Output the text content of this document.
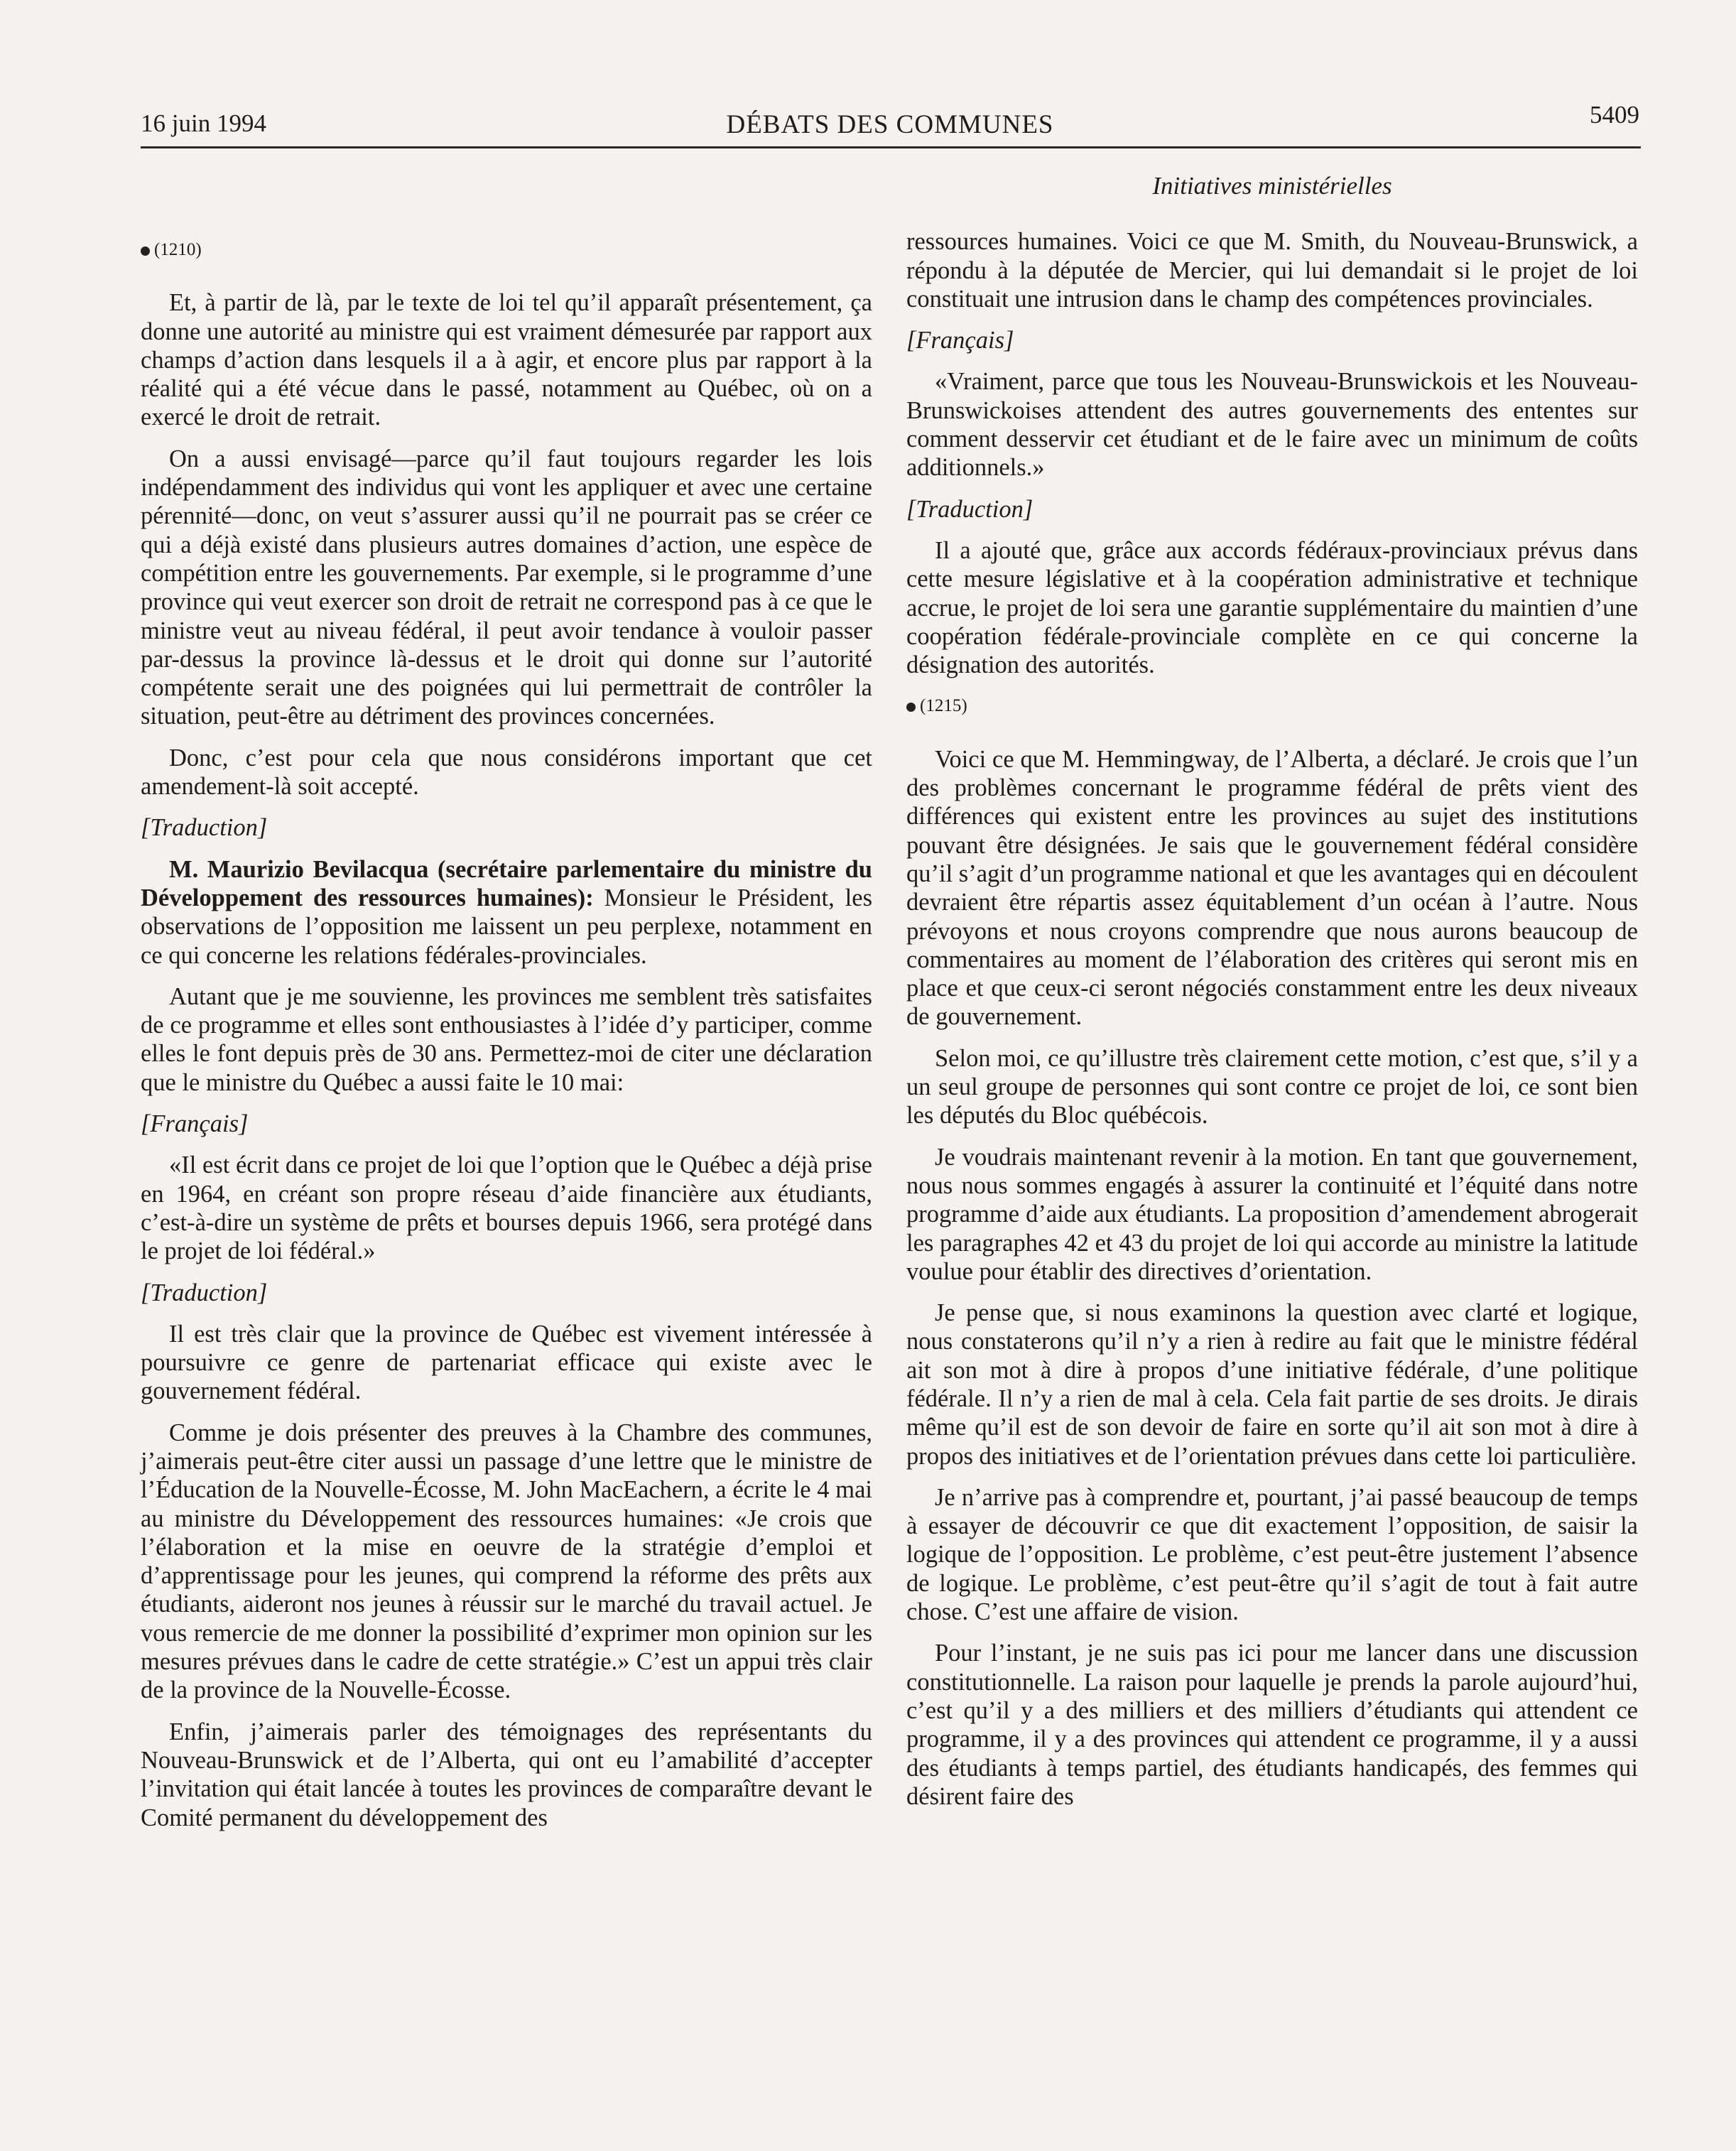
16 juin 1994	DÉBATS DES COMMUNES	5409

(1210)

Et, à partir de là, par le texte de loi tel qu’il apparaît présentement, ça donne une autorité au ministre qui est vraiment démesurée par rapport aux champs d’action dans lesquels il a à agir, et encore plus par rapport à la réalité qui a été vécue dans le passé, notamment au Québec, où on a exercé le droit de retrait.

On a aussi envisagé—parce qu’il faut toujours regarder les lois indépendamment des individus qui vont les appliquer et avec une certaine pérennité—donc, on veut s’assurer aussi qu’il ne pourrait pas se créer ce qui a déjà existé dans plusieurs autres domaines d’action, une espèce de compétition entre les gouvernements. Par exemple, si le programme d’une province qui veut exercer son droit de retrait ne correspond pas à ce que le ministre veut au niveau fédéral, il peut avoir tendance à vouloir passer par-dessus la province là-dessus et le droit qui donne sur l’autorité compétente serait une des poignées qui lui permettrait de contrôler la situation, peut-être au détriment des provinces concernées.

Donc, c’est pour cela que nous considérons important que cet amendement-là soit accepté.

[Traduction]

M. Maurizio Bevilacqua (secrétaire parlementaire du ministre du Développement des ressources humaines): Monsieur le Président, les observations de l’opposition me laissent un peu perplexe, notamment en ce qui concerne les relations fédérales-provinciales.

Autant que je me souvienne, les provinces me semblent très satisfaites de ce programme et elles sont enthousiastes à l’idée d’y participer, comme elles le font depuis près de 30 ans. Permettez-moi de citer une déclaration que le ministre du Québec a aussi faite le 10 mai:

[Français]

«Il est écrit dans ce projet de loi que l’option que le Québec a déjà prise en 1964, en créant son propre réseau d’aide financière aux étudiants, c’est-à-dire un système de prêts et bourses depuis 1966, sera protégé dans le projet de loi fédéral.»

[Traduction]

Il est très clair que la province de Québec est vivement intéressée à poursuivre ce genre de partenariat efficace qui existe avec le gouvernement fédéral.

Comme je dois présenter des preuves à la Chambre des communes, j’aimerais peut-être citer aussi un passage d’une lettre que le ministre de l’Éducation de la Nouvelle-Écosse, M. John MacEachern, a écrite le 4 mai au ministre du Développement des ressources humaines: «Je crois que l’élaboration et la mise en oeuvre de la stratégie d’emploi et d’apprentissage pour les jeunes, qui comprend la réforme des prêts aux étudiants, aideront nos jeunes à réussir sur le marché du travail actuel. Je vous remercie de me donner la possibilité d’exprimer mon opinion sur les mesures prévues dans le cadre de cette stratégie.» C’est un appui très clair de la province de la Nouvelle-Écosse.

Enfin, j’aimerais parler des témoignages des représentants du Nouveau-Brunswick et de l’Alberta, qui ont eu l’amabilité d’accepter l’invitation qui était lancée à toutes les provinces de comparaître devant le Comité permanent du développement des

Initiatives ministérielles

ressources humaines. Voici ce que M. Smith, du Nouveau-Brunswick, a répondu à la députée de Mercier, qui lui demandait si le projet de loi constituait une intrusion dans le champ des compétences provinciales.

[Français]

«Vraiment, parce que tous les Nouveau-Brunswickois et les Nouveau-Brunswickoises attendent des autres gouvernements des ententes sur comment desservir cet étudiant et de le faire avec un minimum de coûts additionnels.»

[Traduction]

Il a ajouté que, grâce aux accords fédéraux-provinciaux prévus dans cette mesure législative et à la coopération administrative et technique accrue, le projet de loi sera une garantie supplémentaire du maintien d’une coopération fédérale-provinciale complète en ce qui concerne la désignation des autorités.

(1215)

Voici ce que M. Hemmingway, de l’Alberta, a déclaré. Je crois que l’un des problèmes concernant le programme fédéral de prêts vient des différences qui existent entre les provinces au sujet des institutions pouvant être désignées. Je sais que le gouvernement fédéral considère qu’il s’agit d’un programme national et que les avantages qui en découlent devraient être répartis assez équitablement d’un océan à l’autre. Nous prévoyons et nous croyons comprendre que nous aurons beaucoup de commentaires au moment de l’élaboration des critères qui seront mis en place et que ceux-ci seront négociés constamment entre les deux niveaux de gouvernement.

Selon moi, ce qu’illustre très clairement cette motion, c’est que, s’il y a un seul groupe de personnes qui sont contre ce projet de loi, ce sont bien les députés du Bloc québécois.

Je voudrais maintenant revenir à la motion. En tant que gouvernement, nous nous sommes engagés à assurer la continuité et l’équité dans notre programme d’aide aux étudiants. La proposition d’amendement abrogerait les paragraphes 42 et 43 du projet de loi qui accorde au ministre la latitude voulue pour établir des directives d’orientation.

Je pense que, si nous examinons la question avec clarté et logique, nous constaterons qu’il n’y a rien à redire au fait que le ministre fédéral ait son mot à dire à propos d’une initiative fédérale, d’une politique fédérale. Il n’y a rien de mal à cela. Cela fait partie de ses droits. Je dirais même qu’il est de son devoir de faire en sorte qu’il ait son mot à dire à propos des initiatives et de l’orientation prévues dans cette loi particulière.

Je n’arrive pas à comprendre et, pourtant, j’ai passé beaucoup de temps à essayer de découvrir ce que dit exactement l’opposition, de saisir la logique de l’opposition. Le problème, c’est peut-être justement l’absence de logique. Le problème, c’est peut-être qu’il s’agit de tout à fait autre chose. C’est une affaire de vision.

Pour l’instant, je ne suis pas ici pour me lancer dans une discussion constitutionnelle. La raison pour laquelle je prends la parole aujourd’hui, c’est qu’il y a des milliers et des milliers d’étudiants qui attendent ce programme, il y a des provinces qui attendent ce programme, il y a aussi des étudiants à temps partiel, des étudiants handicapés, des femmes qui désirent faire des
